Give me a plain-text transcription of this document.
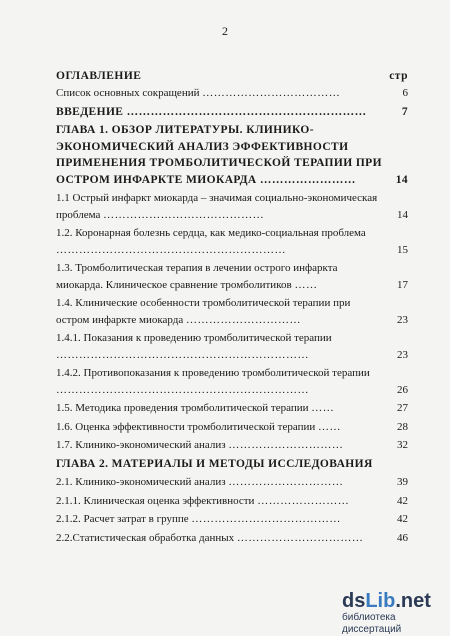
2
ОГЛАВЛЕНИЕ	стр
Список основных сокращений ………………………………	6
ВВЕДЕНИЕ ……………………………………………………	7
ГЛАВА 1. ОБЗОР ЛИТЕРАТУРЫ. КЛИНИКО-ЭКОНОМИЧЕСКИЙ АНАЛИЗ ЭФФЕКТИВНОСТИ ПРИМЕНЕНИЯ ТРОМБОЛИТИЧЕСКОЙ ТЕРАПИИ ПРИ ОСТРОМ ИНФАРКТЕ МИОКАРДА ……………………	14
1.1 Острый инфаркт миокарда – значимая социально-экономическая проблема ……………………………………	14
1.2. Коронарная болезнь сердца, как медико-социальная проблема ……………………………………………………	15
1.3. Тромболитическая терапия в лечении острого инфаркта миокарда. Клиническое сравнение тромболитиков ……	17
1.4. Клинические особенности тромболитической терапии при остром инфаркте миокарда …………………………	23
1.4.1. Показания к проведению тромболитической терапии …………………………………………………………	23
1.4.2. Противопоказания к проведению тромболитической терапии …………………………………………………………	26
1.5. Методика проведения тромболитической терапии ……	27
1.6. Оценка эффективности тромболитической терапии ……	28
1.7. Клинико-экономический анализ …………………………	32
ГЛАВА 2. МАТЕРИАЛЫ И МЕТОДЫ ИССЛЕДОВАНИЯ
2.1. Клинико-экономический анализ …………………………	39
2.1.1. Клиническая оценка эффективности ……………………	42
2.1.2. Расчет затрат в группе …………………………………	42
2.2.Статистическая обработка данных ……………………………	46
dsLib.net
библиотека диссертаций
